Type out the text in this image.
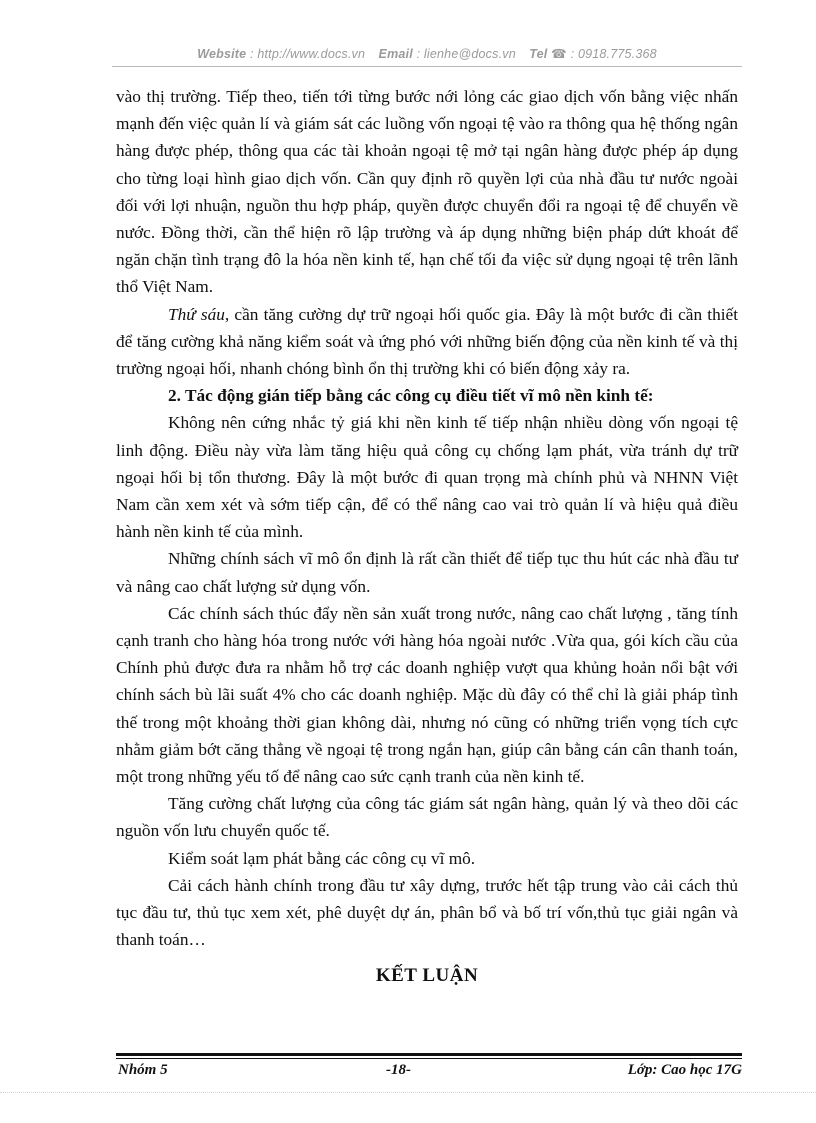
Website : http://www.docs.vn Email : lienhe@docs.vn Tel ☎ : 0918.775.368

vào thị trường. Tiếp theo, tiến tới từng bước nới lỏng các giao dịch vốn bằng việc nhấn mạnh đến việc quản lí và giám sát các luồng vốn ngoại tệ vào ra thông qua hệ thống ngân hàng được phép, thông qua các tài khoản ngoại tệ mở tại ngân hàng được phép áp dụng cho từng loại hình giao dịch vốn. Cần quy định rõ quyền lợi của nhà đầu tư nước ngoài đối với lợi nhuận, nguồn thu hợp pháp, quyền được chuyển đổi ra ngoại tệ để chuyển về nước. Đồng thời, cần thể hiện rõ lập trường và áp dụng những biện pháp dứt khoát để ngăn chặn tình trạng đô la hóa nền kinh tế, hạn chế tối đa việc sử dụng ngoại tệ trên lãnh thổ Việt Nam.

Thứ sáu, cần tăng cường dự trữ ngoại hối quốc gia. Đây là một bước đi cần thiết để tăng cường khả năng kiểm soát và ứng phó với những biến động của nền kinh tế và thị trường ngoại hối, nhanh chóng bình ổn thị trường khi có biến động xảy ra.

2. Tác động gián tiếp bằng các công cụ điều tiết vĩ mô nền kinh tế:

Không nên cứng nhắc tỷ giá khi nền kinh tế tiếp nhận nhiều dòng vốn ngoại tệ linh động. Điều này vừa làm tăng hiệu quả công cụ chống lạm phát, vừa tránh dự trữ ngoại hối bị tổn thương. Đây là một bước đi quan trọng mà chính phủ và NHNN Việt Nam cần xem xét và sớm tiếp cận, để có thể nâng cao vai trò quản lí và hiệu quả điều hành nền kinh tế của mình.

Những chính sách vĩ mô ổn định là rất cần thiết để tiếp tục thu hút các nhà đầu tư và nâng cao chất lượng sử dụng vốn.

Các chính sách thúc đẩy nền sản xuất trong nước, nâng cao chất lượng , tăng tính cạnh tranh cho hàng hóa trong nước với hàng hóa ngoài nước .Vừa qua, gói kích cầu của Chính phủ được đưa ra nhằm hỗ trợ các doanh nghiệp vượt qua khủng hoản nổi bật với chính sách bù lãi suất 4% cho các doanh nghiệp. Mặc dù đây có thể chỉ là giải pháp tình thế trong một khoảng thời gian không dài, nhưng nó cũng có những triển vọng tích cực nhằm giảm bớt căng thẳng về ngoại tệ trong ngắn hạn, giúp cân bằng cán cân thanh toán, một trong những yếu tố để nâng cao sức cạnh tranh của nền kinh tế.

Tăng cường chất lượng của công tác giám sát ngân hàng, quản lý và theo dõi các nguồn vốn lưu chuyển quốc tế.

Kiểm soát lạm phát bằng các công cụ vĩ mô.

Cải cách hành chính trong đầu tư xây dựng, trước hết tập trung vào cải cách thủ tục đầu tư, thủ tục xem xét, phê duyệt dự án, phân bổ và bố trí vốn,thủ tục giải ngân và thanh toán…

KẾT LUẬN

Nhóm 5	-18-	Lớp: Cao học 17G
